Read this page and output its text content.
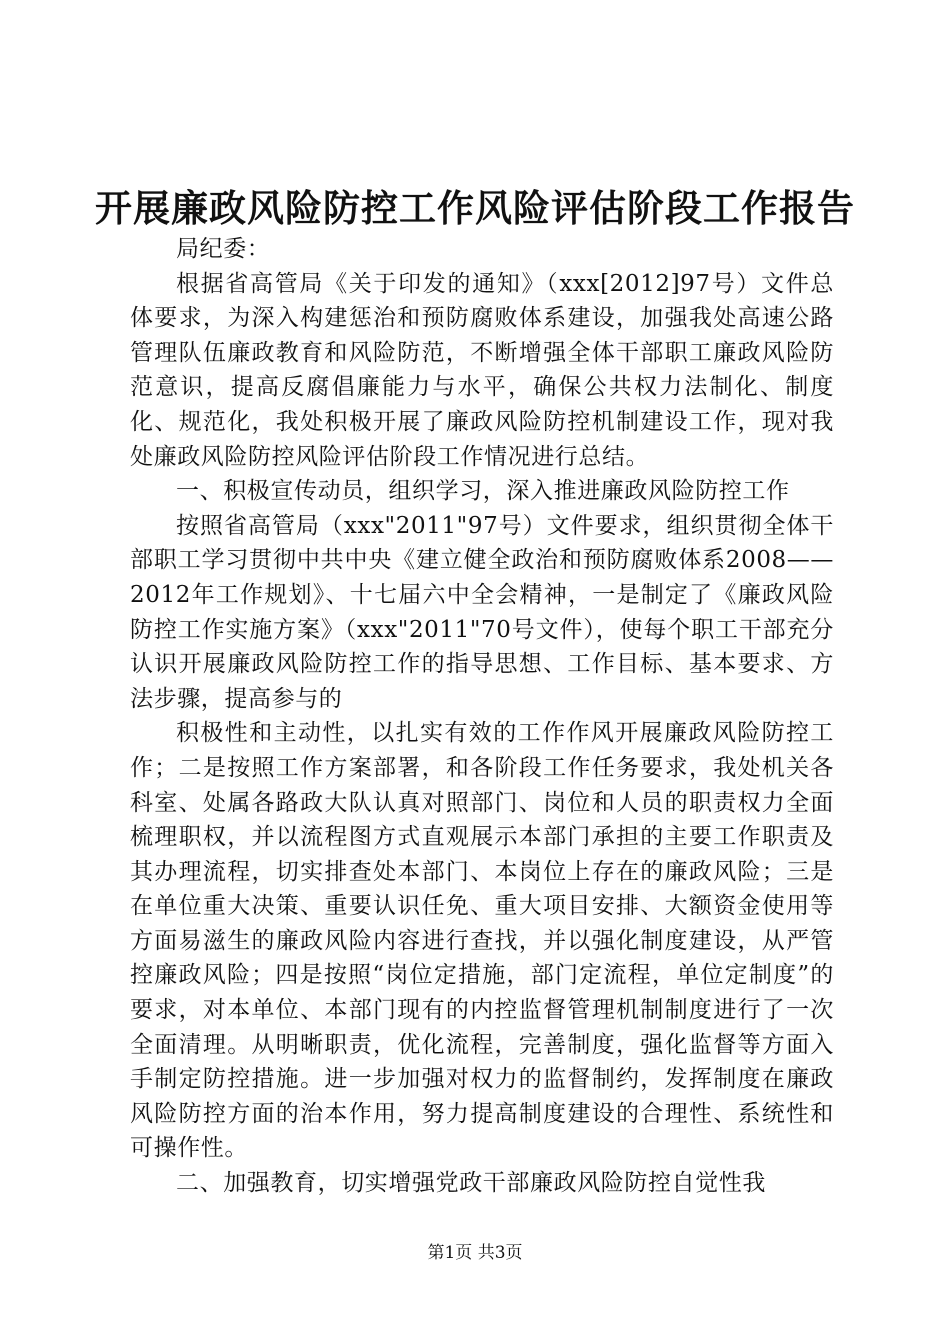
开展廉政风险防控工作风险评估阶段工作报告

局纪委：

根据省高管局《关于印发的通知》（xxx[2012]97号）文件总体要求，为深入构建惩治和预防腐败体系建设，加强我处高速公路管理队伍廉政教育和风险防范，不断增强全体干部职工廉政风险防范意识，提高反腐倡廉能力与水平，确保公共权力法制化、制度化、规范化，我处积极开展了廉政风险防控机制建设工作，现对我处廉政风险防控风险评估阶段工作情况进行总结。

一、积极宣传动员，组织学习，深入推进廉政风险防控工作

按照省高管局（xxx"2011"97号）文件要求，组织贯彻全体干部职工学习贯彻中共中央《建立健全政治和预防腐败体系2008——2012年工作规划》、十七届六中全会精神，一是制定了《廉政风险防控工作实施方案》（xxx"2011"70号文件），使每个职工干部充分认识开展廉政风险防控工作的指导思想、工作目标、基本要求、方法步骤，提高参与的

积极性和主动性，以扎实有效的工作作风开展廉政风险防控工作；二是按照工作方案部署，和各阶段工作任务要求，我处机关各科室、处属各路政大队认真对照部门、岗位和人员的职责权力全面梳理职权，并以流程图方式直观展示本部门承担的主要工作职责及其办理流程，切实排查处本部门、本岗位上存在的廉政风险；三是在单位重大决策、重要认识任免、重大项目安排、大额资金使用等方面易滋生的廉政风险内容进行查找，并以强化制度建设，从严管控廉政风险；四是按照“岗位定措施，部门定流程，单位定制度”的要求，对本单位、本部门现有的内控监督管理机制制度进行了一次全面清理。从明晰职责，优化流程，完善制度，强化监督等方面入手制定防控措施。进一步加强对权力的监督制约，发挥制度在廉政风险防控方面的治本作用，努力提高制度建设的合理性、系统性和可操作性。

二、加强教育，切实增强党政干部廉政风险防控自觉性我

第1页 共3页
